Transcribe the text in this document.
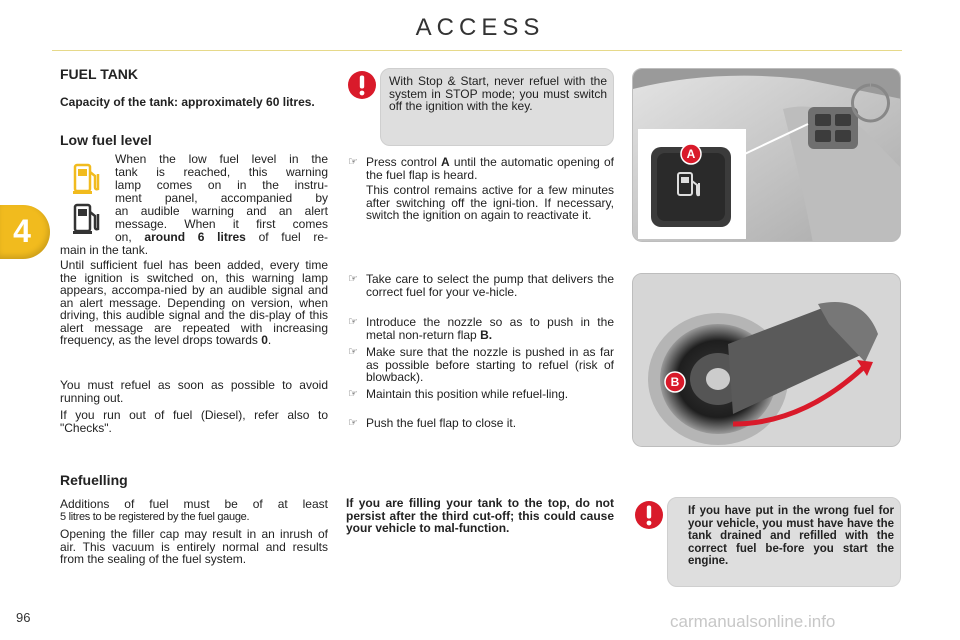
ACCESS
4
FUEL TANK
Capacity of the tank: approximately 60 litres.
Low fuel level
When the low fuel level in the
tank is reached, this warning
lamp comes on in the instru-
ment panel, accompanied by
an audible warning and an alert
message. When it first comes
on, around 6 litres of fuel re-
main in the tank.
Until sufficient fuel has been added, every time the ignition is switched on, this warning lamp appears, accompa-nied by an audible signal and an alert message. Depending on version, when driving, this audible signal and the dis-play of this alert message are repeated with increasing frequency, as the level drops towards 0.
You must refuel as soon as possible to avoid running out.
If you run out of fuel (Diesel), refer also to "Checks".
Refuelling
Additions of fuel must be of at least
5 litres to be registered by the fuel gauge.
Opening the filler cap may result in an inrush of air. This vacuum is entirely normal and results from the sealing of the fuel system.
With Stop & Start, never refuel with the system in STOP mode; you must switch off the ignition with the key.
☞ Press control A until the automatic opening of the fuel flap is heard.
This control remains active for a few minutes after switching off the igni-tion. If necessary, switch the ignition on again to reactivate it.
☞ Take care to select the pump that delivers the correct fuel for your ve-hicle.
☞ Introduce the nozzle so as to push in the metal non-return flap B.
☞ Make sure that the nozzle is pushed in as far as possible before starting to refuel (risk of blowback).
☞ Maintain this position while refuel-ling.
☞ Push the fuel flap to close it.
If you are filling your tank to the top, do not persist after the third cut-off; this could cause your vehicle to mal-function.
A
B
If you have put in the wrong fuel for your vehicle, you must have have the tank drained and refilled with the correct fuel be-fore you start the engine.
96	carmanualsonline.info
